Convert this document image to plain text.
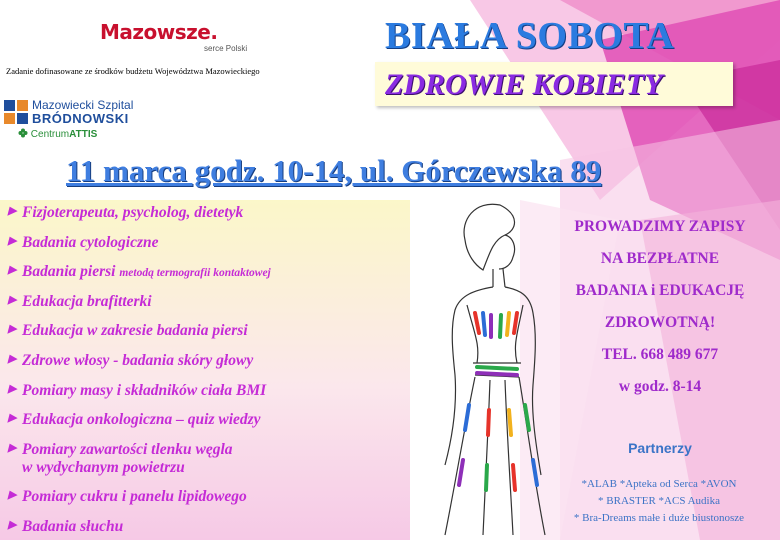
Mazowsze.
serce Polski
Zadanie dofinasowane ze środków budżetu Województwa Mazowieckiego
Mazowiecki Szpital
BRÓDNOWSKI
CentrumATTIS
BIAŁA SOBOTA
ZDROWIE KOBIETY
11 marca godz. 10-14, ul. Górczewska 89
▶ Fizjoterapeuta, psycholog, dietetyk
▶ Badania cytologiczne
▶ Badania piersi metodą termografii kontaktowej
▶ Edukacja brafitterki
▶ Edukacja w zakresie badania piersi
▶ Zdrowe włosy - badania skóry głowy
▶ Pomiary masy i składników ciała BMI
▶ Edukacja onkologiczna – quiz wiedzy
▶ Pomiary zawartości tlenku węgla
w wydychanym powietrzu
▶ Pomiary cukru i panelu lipidowego
▶ Badania słuchu
PROWADZIMY ZAPISY
NA BEZPŁATNE
BADANIA i EDUKACJĘ
ZDROWOTNĄ!
TEL. 668 489 677
w godz. 8-14
Partnerzy
*ALAB *Apteka od Serca *AVON
* BRASTER *ACS Audika
* Bra-Dreams małe i duże biustonosze
